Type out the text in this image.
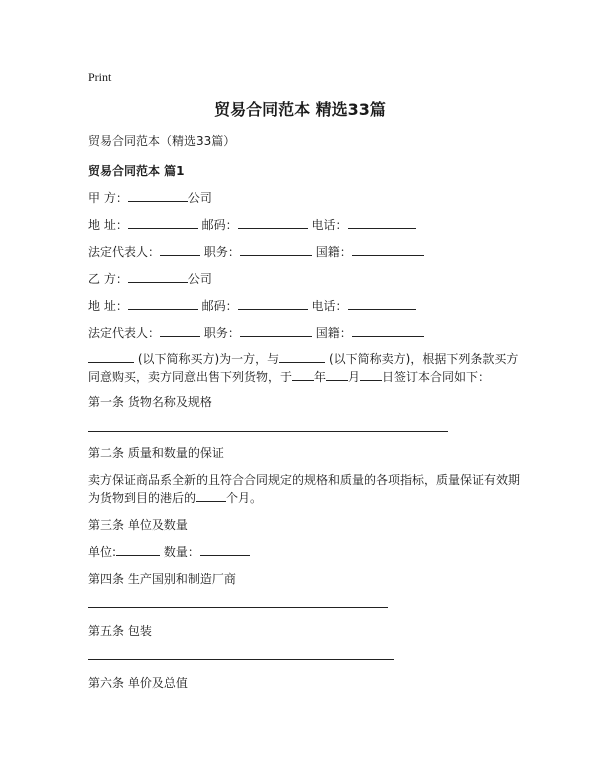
Print
贸易合同范本 精选33篇
贸易合同范本（精选33篇）
贸易合同范本 篇1
甲 方：	公司
地 址：	邮码：	电话：
法定代表人：	职务：	国籍：
乙 方：	公司
地 址：	邮码：	电话：
法定代表人：	职务：	国籍：
(以下简称买方)为一方，与	(以下简称卖方)，根据下列条款买方
同意购买，卖方同意出售下列货物，于 年 月 日签订本合同如下：
第一条 货物名称及规格
第二条 质量和数量的保证
卖方保证商品系全新的且符合合同规定的规格和质量的各项指标，质量保证有效期
为货物到目的港后的	个月。
第三条 单位及数量
单位:	数量：
第四条 生产国别和制造厂商
第五条 包装
第六条 单价及总值
